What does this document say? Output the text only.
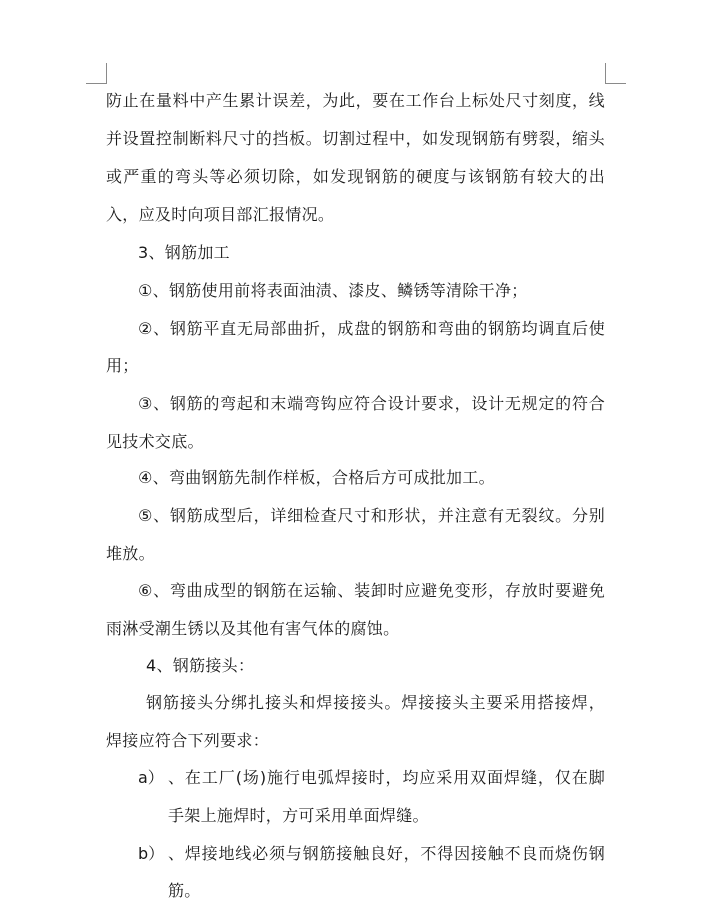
防止在量料中产生累计误差，为此，要在工作台上标处尺寸刻度，线
并设置控制断料尺寸的挡板。切割过程中，如发现钢筋有劈裂，缩头
或严重的弯头等必须切除，如发现钢筋的硬度与该钢筋有较大的出
入，应及时向项目部汇报情况。
3、钢筋加工
①、钢筋使用前将表面油渍、漆皮、鳞锈等清除干净；
②、钢筋平直无局部曲折，成盘的钢筋和弯曲的钢筋均调直后使
用；
③、钢筋的弯起和末端弯钩应符合设计要求，设计无规定的符合
见技术交底。
④、弯曲钢筋先制作样板，合格后方可成批加工。
⑤、钢筋成型后，详细检查尺寸和形状，并注意有无裂纹。分别
堆放。
⑥、弯曲成型的钢筋在运输、装卸时应避免变形，存放时要避免
雨淋受潮生锈以及其他有害气体的腐蚀。
4、钢筋接头：
钢筋接头分绑扎接头和焊接接头。焊接接头主要采用搭接焊，
焊接应符合下列要求：
a） 、在工厂(场)施行电弧焊接时，均应采用双面焊缝，仅在脚
手架上施焊时，方可采用单面焊缝。
b） 、焊接地线必须与钢筋接触良好，不得因接触不良而烧伤钢
筋。
